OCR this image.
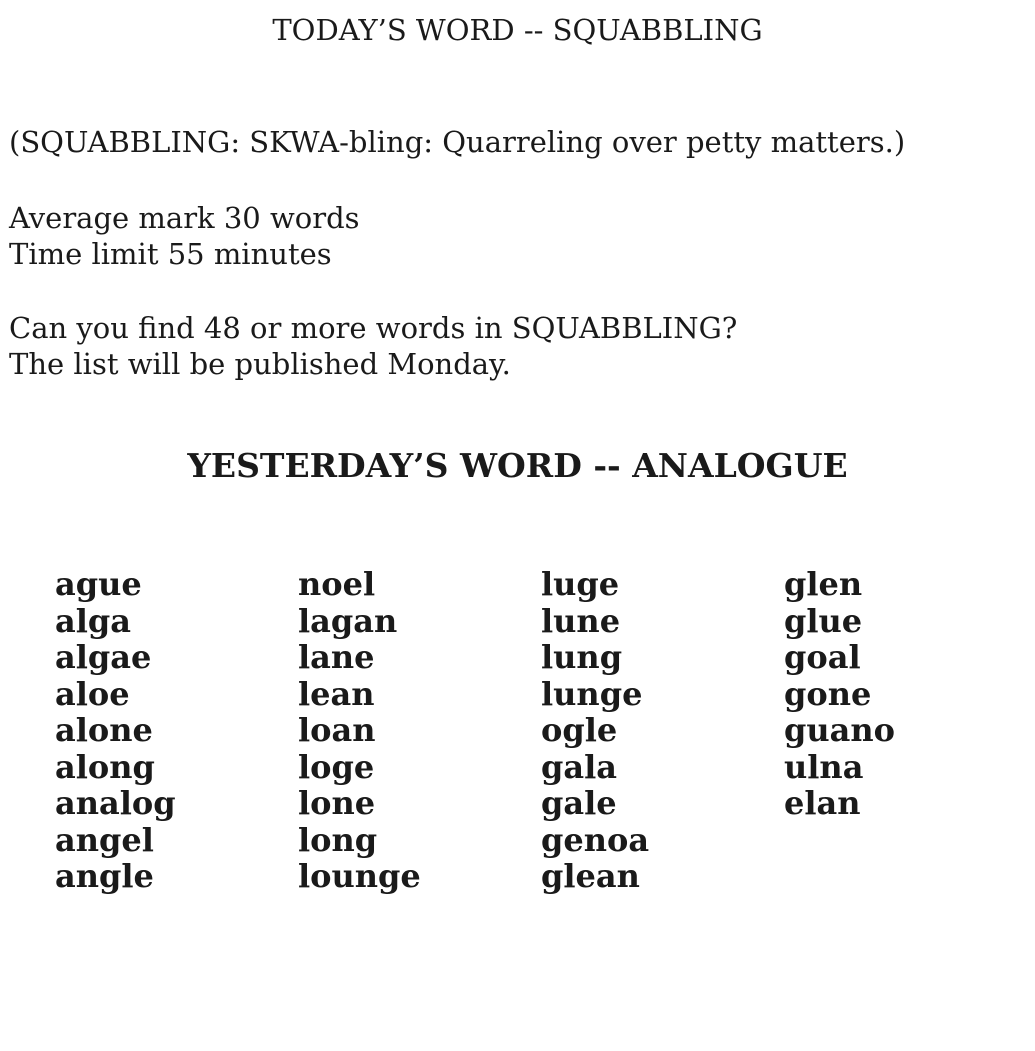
TODAY’S WORD -- SQUABBLING
(SQUABBLING: SKWA-bling: Quarreling over petty matters.)
Average mark 30 words
Time limit 55 minutes
Can you find 48 or more words in SQUABBLING?
The list will be published Monday.
YESTERDAY’S WORD -- ANALOGUE
ague
alga
algae
aloe
alone
along
analog
angel
angle
noel
lagan
lane
lean
loan
loge
lone
long
lounge
luge
lune
lung
lunge
ogle
gala
gale
genoa
glean
glen
glue
goal
gone
guano
ulna
elan
